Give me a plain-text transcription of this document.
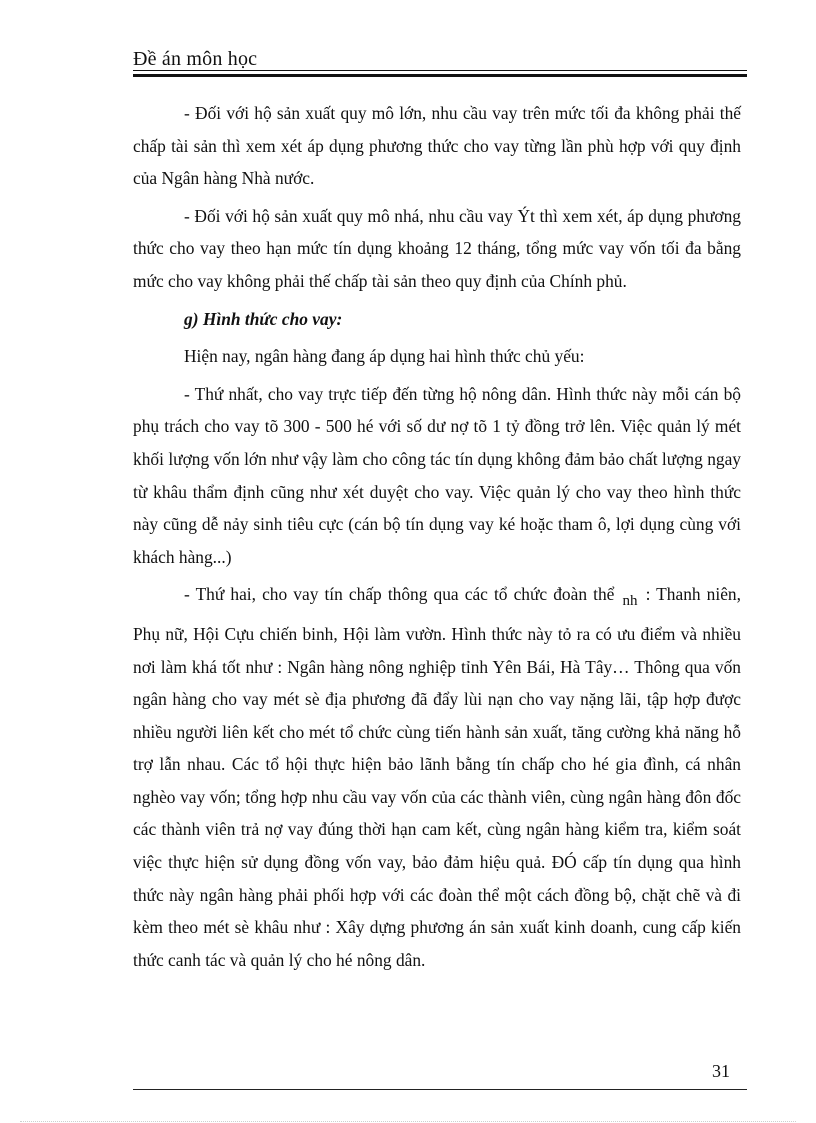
Đề án môn học

- Đối với hộ sản xuất quy mô lớn, nhu cầu vay trên mức tối đa không phải thế chấp tài sản thì xem xét áp dụng phương thức cho vay từng lần phù hợp với quy định của Ngân hàng Nhà nước.

- Đối với hộ sản xuất quy mô nhá, nhu cầu vay Ýt thì xem xét, áp dụng phương thức cho vay theo hạn mức tín dụng khoảng 12 tháng, tổng mức vay vốn tối đa bằng mức cho vay không phải thế chấp tài sản theo quy định của Chính phủ.

g) Hình thức cho vay:

Hiện nay, ngân hàng đang áp dụng hai hình thức chủ yếu:

- Thứ nhất, cho vay trực tiếp đến từng hộ nông dân. Hình thức này mỗi cán bộ phụ trách cho vay tõ 300 - 500 hé với số dư nợ tõ 1 tỷ đồng trở lên. Việc quản lý mét khối lượng vốn lớn như vậy làm cho công tác tín dụng không đảm bảo chất lượng ngay từ khâu thẩm định cũng như xét duyệt cho vay. Việc quản lý cho vay theo hình thức này cũng dễ nảy sinh tiêu cực (cán bộ tín dụng vay ké hoặc tham ô, lợi dụng cùng với khách hàng...)

- Thứ hai, cho vay tín chấp thông qua các tổ chức đoàn thể nh : Thanh niên, Phụ nữ, Hội Cựu chiến binh, Hội làm vườn. Hình thức này tỏ ra có ưu điểm và nhiều nơi làm khá tốt như : Ngân hàng nông nghiệp tỉnh Yên Bái, Hà Tây… Thông qua vốn ngân hàng cho vay mét sè địa phương đã đẩy lùi nạn cho vay nặng lãi, tập hợp được nhiều người liên kết cho mét tổ chức cùng tiến hành sản xuất, tăng cường khả năng hỗ trợ lẫn nhau. Các tổ hội thực hiện bảo lãnh bằng tín chấp cho hé gia đình, cá nhân nghèo vay vốn; tổng hợp nhu cầu vay vốn của các thành viên, cùng ngân hàng đôn đốc các thành viên trả nợ vay đúng thời hạn cam kết, cùng ngân hàng kiểm tra, kiểm soát việc thực hiện sử dụng đồng vốn vay, bảo đảm hiệu quả. ĐÓ cấp tín dụng qua hình thức này ngân hàng phải phối hợp với các đoàn thể một cách đồng bộ, chặt chẽ và đi kèm theo mét sè khâu như : Xây dựng phương án sản xuất kinh doanh, cung cấp kiến thức canh tác và quản lý cho hé nông dân.

31
